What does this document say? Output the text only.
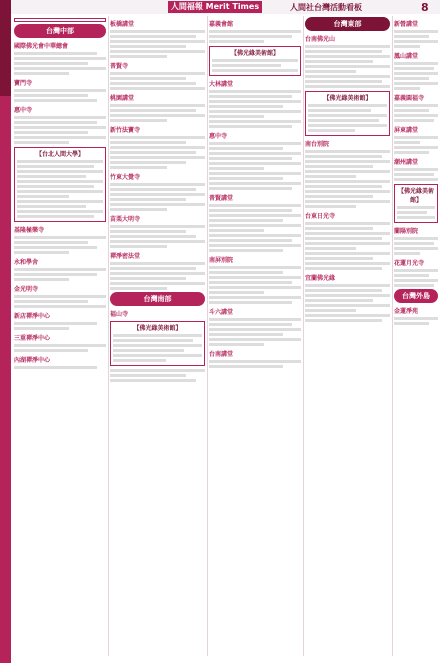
人間福報 Merit Times	人間社台灣活動看板	8
台灣中部
國際佛光會中華總會
寶門寺
惠中寺
【台北人間大學】
基隆極樂寺
永和學舍
金光明寺
新店禪淨中心
三重禪淨中心
內湖禪淨中心
板橋講堂
普賢寺
桃園講堂
新竹法寶寺
竹東大覺寺
苗栗大明寺
禪淨密法堂
台灣南部
福山寺
【佛光緣美術館】
嘉義會館
【佛光緣美術館】
大林講堂
惠中寺
普賢講堂
南屏別院
斗六講堂
台南講堂
台灣東部
台南佛光山
【佛光緣美術館】
南台別院
台東日光寺
宜蘭佛光緣
新營講堂
鳳山講堂
嘉義圓福寺
屏東講堂
潮州講堂
【佛光緣美術館】
蘭陽別院
花蓮月光寺
台灣外島
金蓮淨苑
